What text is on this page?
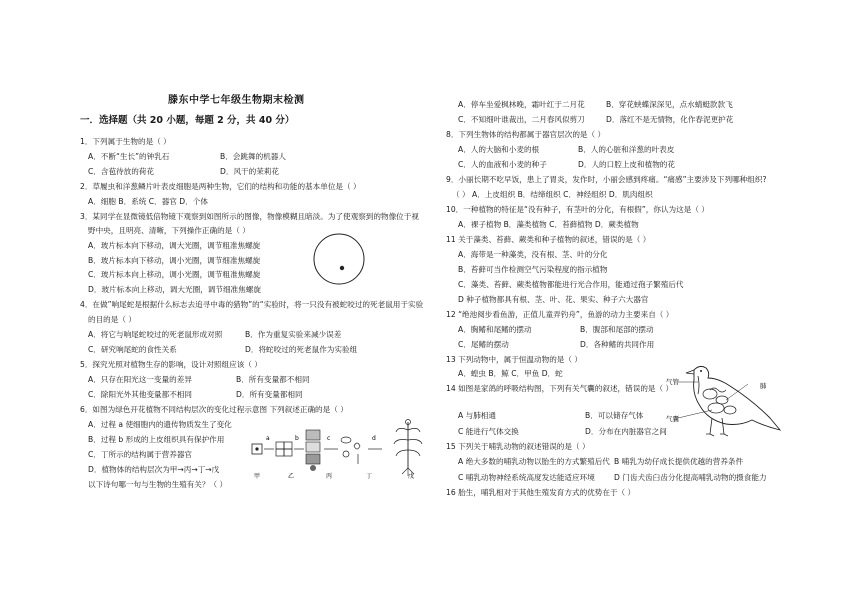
滕东中学七年级生物期末检测
一．选择题（共 20 小题，每题 2 分，共 40 分）
1．下列属于生物的是（ ）
A．不断“生长”的钟乳石	B．会跳舞的机器人
C．含苞待放的荷花	D．风干的茉莉花
2．草履虫和洋葱鳞片叶表皮细胞是两种生物，它们的结构和功能的基本单位是（ ）
A．细胞 B．系统 C．器官 D．个体
3．某同学在显微镜低倍物镜下观察到如图所示的图像，物像模糊且暗淡。为了使观察到的物像位于视
野中央，且明亮、清晰，下列操作正确的是（ ）
A．玻片标本向下移动，调大光圈，调节粗准焦螺旋
B．玻片标本向下移动，调小光圈，调节细准焦螺旋
C．玻片标本向上移动，调小光圈，调节粗准焦螺旋
D．玻片标本向上移动，调大光圈，调节细准焦螺旋
4．在做”响尾蛇是根据什么标志去追寻中毒的猎物”的“实验时，将一只没有被蛇咬过的死老鼠用于实验
的目的是（ ）
A．将它与响尾蛇咬过的死老鼠形成对照	B．作为重复实验来减少误差
C．研究响尾蛇的食性关系	D．将蛇咬过的死老鼠作为实验组
5．探究光照对植物生存的影响，设计对照组应该（ ）
A．只存在阳光这一变量的差异	B．所有变量都不相同
C．除阳光外其他变量都不相同	D．所有变量都相同
6．如图为绿色开花植物不同结构层次的变化过程示意图 下列叙述正确的是（ ）
A．过程 a 使细胞内的遗传物质发生了变化
B．过程 b 形成的上皮组织具有保护作用
C．丁所示的结构属于营养器官
D．植物体的结构层次为甲→丙→丁→戊
以下诗句哪一句与生物的生殖有关？（ ）
a	b	c	d
甲	乙	丙	丁	戊
A．停车坐爱枫林晚，霜叶红于二月花	B．穿花蛱蝶深深见，点水蜻蜓款款飞
C．不知细叶谁裁出，二月春风似剪刀	D．落红不是无情物，化作春泥更护花
8．下列生物体的结构都属于器官层次的是（ ）
A．人的大脑和小麦的根	B．人的心脏和洋葱的叶表皮
C．人的血液和小麦的种子	D．人的口腔上皮和植物的花
9．小丽长期不吃早饭，患上了胃炎，发作时，小丽会感到疼痛。“痛感”主要涉及下列哪种组织?
（ ） A．上皮组织 B．结缔组织 C．神经组织 D．肌肉组织
10．一种植物的特征是“没有种子，有茎叶的分化，有根假”，你认为这是（ ）
A．裸子植物 B．藻类植物 C．苔藓植物 D．蕨类植物
11 关于藻类、苔藓、蕨类和种子植物的叙述，错误的是（ ）
A．海带是一种藻类，没有根、茎、叶的分化
B．苔藓可当作检测空气污染程度的指示植物
C．藻类、苔藓、蕨类植物都能进行光合作用，能通过孢子繁殖后代
D 种子植物都具有根、茎、叶、花、果实、种子六大器官
12 “绝池阅步看鱼游，正值儿童弄钓舟”，鱼游的动力主要来自（ ）
A．胸鳍和尾鳍的摆动	B．腹部和尾部的摆动
C．尾鳍的摆动	D．各种鳍的共同作用
13 下列动物中，属于恒温动物的是（ ）
A．蝗虫 B．鲸 C．甲鱼 D．蛇
14 如图是家鸽的呼吸结构图，下列有关气囊的叙述，错误的是（ ）
A 与肺相通	B．可以储存气体
C 能进行气体交换	D．分布在内脏器官之间
气管	肺
气囊
15 下列关于哺乳动物的叙述错误的是（ ）
A 绝大多数的哺乳动物以胎生的方式繁殖后代 B 哺乳为幼仔成长提供优越的营养条件
C 哺乳动物神经系统高度发达能适应环境	D 门齿犬齿臼齿分化提高哺乳动物的摄食能力
16 胎生，哺乳相对于其他生殖发育方式的优势在于（ ）
